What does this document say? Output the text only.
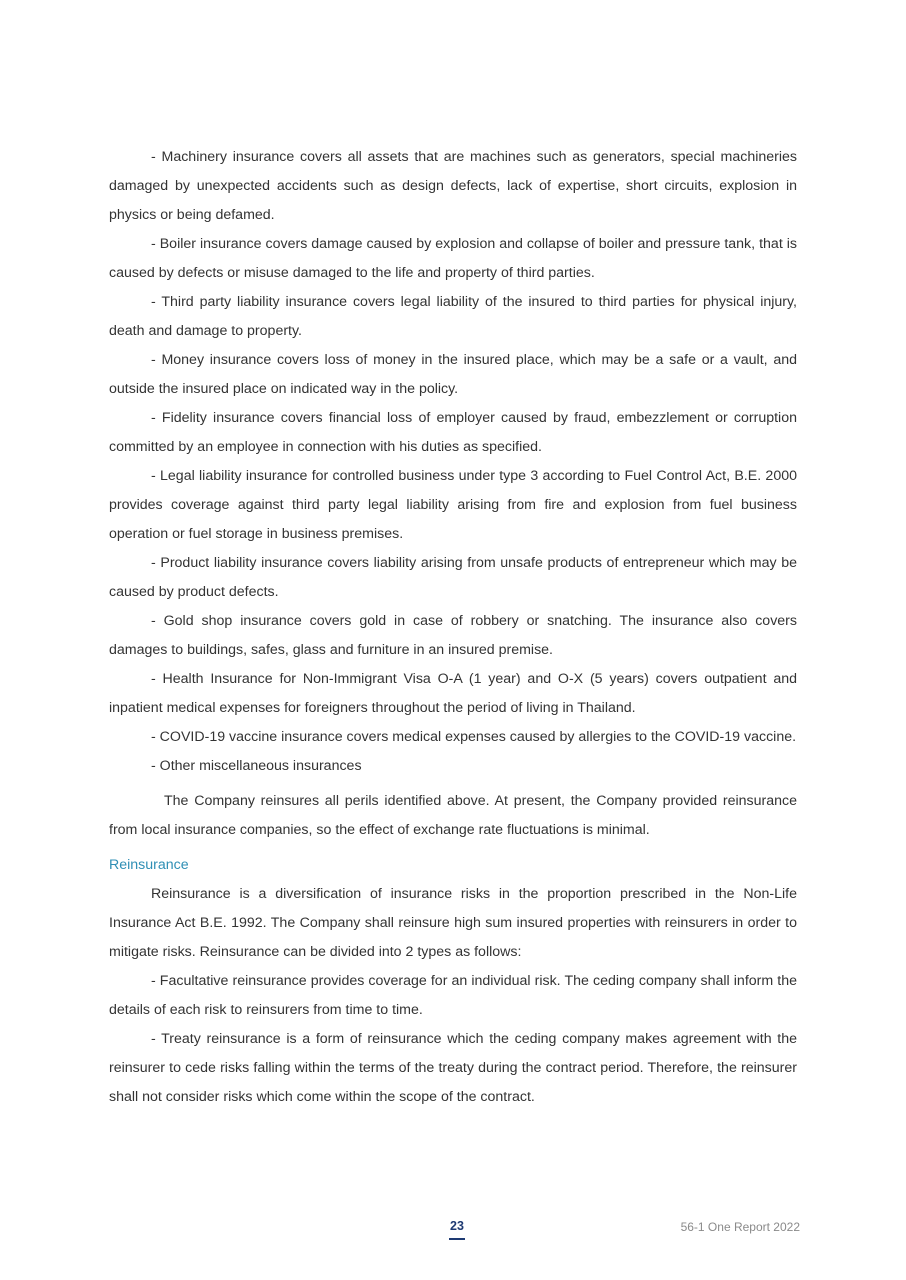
- Machinery insurance covers all assets that are machines such as generators, special machineries damaged by unexpected accidents such as design defects, lack of expertise, short circuits, explosion in physics or being defamed.

- Boiler insurance covers damage caused by explosion and collapse of boiler and pressure tank, that is caused by defects or misuse damaged to the life and property of third parties.

- Third party liability insurance covers legal liability of the insured to third parties for physical injury, death and damage to property.

- Money insurance covers loss of money in the insured place, which may be a safe or a vault, and outside the insured place on indicated way in the policy.

- Fidelity insurance covers financial loss of employer caused by fraud, embezzlement or corruption committed by an employee in connection with his duties as specified.

- Legal liability insurance for controlled business under type 3 according to Fuel Control Act, B.E. 2000 provides coverage against third party legal liability arising from fire and explosion from fuel business operation or fuel storage in business premises.

- Product liability insurance covers liability arising from unsafe products of entrepreneur which may be caused by product defects.

- Gold shop insurance covers gold in case of robbery or snatching. The insurance also covers damages to buildings, safes, glass and furniture in an insured premise.

- Health Insurance for Non-Immigrant Visa O-A (1 year) and O-X (5 years) covers outpatient and inpatient medical expenses for foreigners throughout the period of living in Thailand.

- COVID-19 vaccine insurance covers medical expenses caused by allergies to the COVID-19 vaccine.

- Other miscellaneous insurances

The Company reinsures all perils identified above. At present, the Company provided reinsurance from local insurance companies, so the effect of exchange rate fluctuations is minimal.

Reinsurance

Reinsurance is a diversification of insurance risks in the proportion prescribed in the Non-Life Insurance Act B.E. 1992. The Company shall reinsure high sum insured properties with reinsurers in order to mitigate risks. Reinsurance can be divided into 2 types as follows:

- Facultative reinsurance provides coverage for an individual risk. The ceding company shall inform the details of each risk to reinsurers from time to time.

- Treaty reinsurance is a form of reinsurance which the ceding company makes agreement with the reinsurer to cede risks falling within the terms of the treaty during the contract period. Therefore, the reinsurer shall not consider risks which come within the scope of the contract.

23	56-1 One Report 2022
